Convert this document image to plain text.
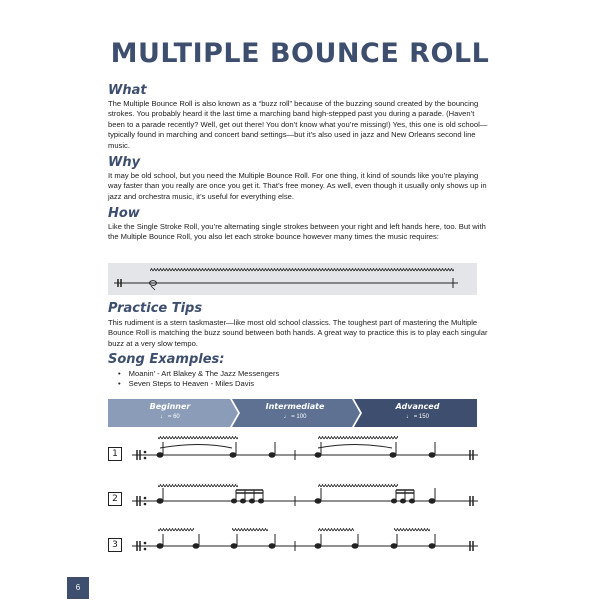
MULTIPLE BOUNCE ROLL
What
The Multiple Bounce Roll is also known as a “buzz roll” because of the buzzing sound created by the bouncing strokes. You probably heard it the last time a marching band high-stepped past you during a parade. (Haven’t been to a parade recently? Well, get out there! You don’t know what you’re missing!) Yes, this one is old school—typically found in marching and concert band settings—but it’s also used in jazz and New Orleans second line music.
Why
It may be old school, but you need the Multiple Bounce Roll. For one thing, it kind of sounds like you’re playing way faster than you really are once you get it. That’s free money. As well, even though it usually only shows up in jazz and orchestra music, it’s useful for everything else.
How
Like the Single Stroke Roll, you’re alternating single strokes between your right and left hands here, too. But with the Multiple Bounce Roll, you also let each stroke bounce however many times the music requires:
Practice Tips
This rudiment is a stern taskmaster—like most old school classics. The toughest part of mastering the Multiple Bounce Roll is matching the buzz sound between both hands. A great way to practice this is to play each singular buzz at a very slow tempo.
Song Examples:
• Moanin’ - Art Blakey & The Jazz Messengers
• Seven Steps to Heaven - Miles Davis
Beginner
♩ = 60
Intermediate
♩ = 100
Advanced
♩ = 150
1
2
3
6
